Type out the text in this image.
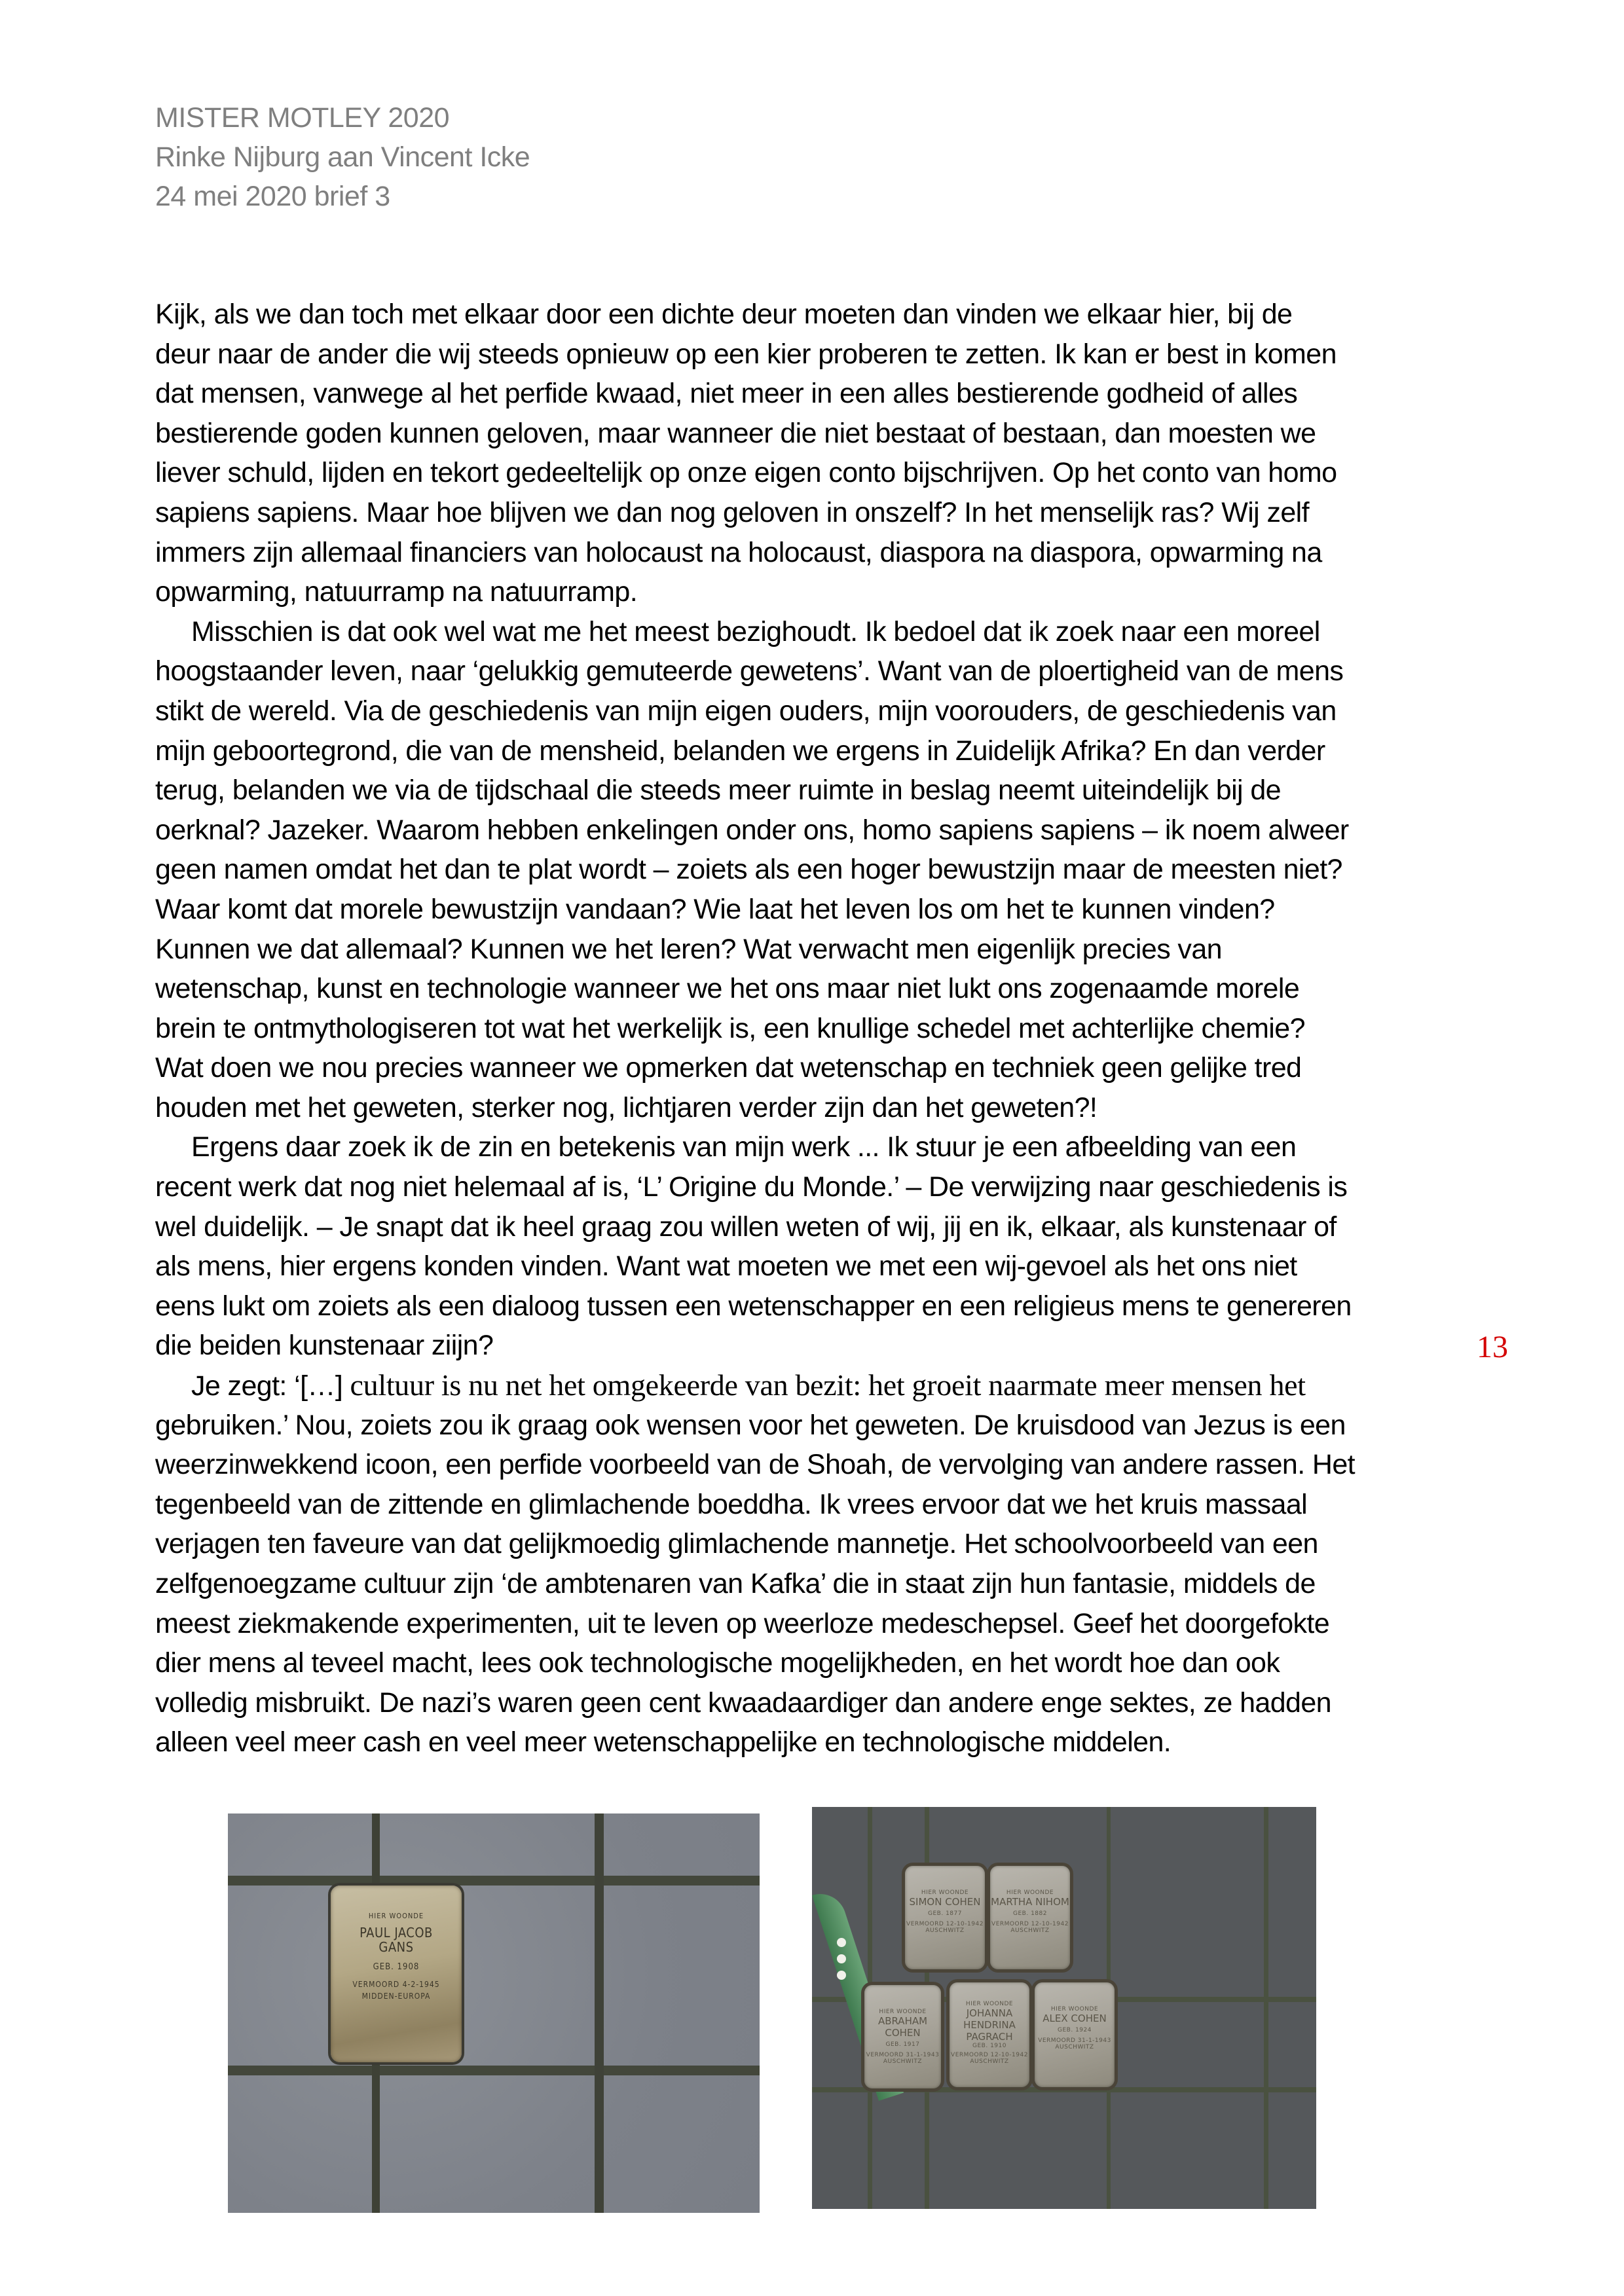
MISTER MOTLEY 2020
Rinke Nijburg aan Vincent Icke
24 mei 2020 brief 3
Kijk, als we dan toch met elkaar door een dichte deur moeten dan vinden we elkaar hier, bij de
deur naar de ander die wij steeds opnieuw op een kier proberen te zetten. Ik kan er best in komen
dat mensen, vanwege al het perfide kwaad, niet meer in een alles bestierende godheid of alles
bestierende goden kunnen geloven, maar wanneer die niet bestaat of bestaan, dan moesten we
liever schuld, lijden en tekort gedeeltelijk op onze eigen conto bijschrijven. Op het conto van homo
sapiens sapiens. Maar hoe blijven we dan nog geloven in onszelf? In het menselijk ras? Wij zelf
immers zijn allemaal financiers van holocaust na holocaust, diaspora na diaspora, opwarming na
opwarming, natuurramp na natuurramp.
Misschien is dat ook wel wat me het meest bezighoudt. Ik bedoel dat ik zoek naar een moreel
hoogstaander leven, naar ‘gelukkig gemuteerde gewetens’. Want van de ploertigheid van de mens
stikt de wereld. Via de geschiedenis van mijn eigen ouders, mijn voorouders, de geschiedenis van
mijn geboortegrond, die van de mensheid, belanden we ergens in Zuidelijk Afrika? En dan verder
terug, belanden we via de tijdschaal die steeds meer ruimte in beslag neemt uiteindelijk bij de
oerknal? Jazeker. Waarom hebben enkelingen onder ons, homo sapiens sapiens – ik noem alweer
geen namen omdat het dan te plat wordt – zoiets als een hoger bewustzijn maar de meesten niet?
Waar komt dat morele bewustzijn vandaan? Wie laat het leven los om het te kunnen vinden?
Kunnen we dat allemaal? Kunnen we het leren? Wat verwacht men eigenlijk precies van
wetenschap, kunst en technologie wanneer we het ons maar niet lukt ons zogenaamde morele
brein te ontmythologiseren tot wat het werkelijk is, een knullige schedel met achterlijke chemie?
Wat doen we nou precies wanneer we opmerken dat wetenschap en techniek geen gelijke tred
houden met het geweten, sterker nog, lichtjaren verder zijn dan het geweten?!
Ergens daar zoek ik de zin en betekenis van mijn werk ... Ik stuur je een afbeelding van een
recent werk dat nog niet helemaal af is, ‘L’ Origine du Monde.’ – De verwijzing naar geschiedenis is
wel duidelijk. – Je snapt dat ik heel graag zou willen weten of wij, jij en ik, elkaar, als kunstenaar of
als mens, hier ergens konden vinden. Want wat moeten we met een wij-gevoel als het ons niet
eens lukt om zoiets als een dialoog tussen een wetenschapper en een religieus mens te genereren
die beiden kunstenaar ziijn?
Je zegt: ‘[…] cultuur is nu net het omgekeerde van bezit: het groeit naarmate meer mensen het
gebruiken.’ Nou, zoiets zou ik graag ook wensen voor het geweten. De kruisdood van Jezus is een
weerzinwekkend icoon, een perfide voorbeeld van de Shoah, de vervolging van andere rassen. Het
tegenbeeld van de zittende en glimlachende boeddha. Ik vrees ervoor dat we het kruis massaal
verjagen ten faveure van dat gelijkmoedig glimlachende mannetje. Het schoolvoorbeeld van een
zelfgenoegzame cultuur zijn ‘de ambtenaren van Kafka’ die in staat zijn hun fantasie, middels de
meest ziekmakende experimenten, uit te leven op weerloze medeschepsel. Geef het doorgefokte
dier mens al teveel macht, lees ook technologische mogelijkheden, en het wordt hoe dan ook
volledig misbruikt. De nazi’s waren geen cent kwaadaardiger dan andere enge sektes, ze hadden
alleen veel meer cash en veel meer wetenschappelijke en technologische middelen.
13
HIER WOONDE
PAUL JACOB
GANS
GEB. 1908
VERMOORD 4-2-1945
MIDDEN-EUROPA
HIER WOONDE
SIMON COHEN
GEB. 1877
VERMOORD 12-10-1942
AUSCHWITZ
HIER WOONDE
MARTHA NIHOM
GEB. 1882
VERMOORD 12-10-1942
AUSCHWITZ
HIER WOONDE
ABRAHAM COHEN
GEB. 1917
VERMOORD 31-1-1943
AUSCHWITZ
HIER WOONDE
JOHANNA HENDRINA
PAGRACH
GEB. 1910
VERMOORD 12-10-1942
AUSCHWITZ
HIER WOONDE
ALEX COHEN
GEB. 1924
VERMOORD 31-1-1943
AUSCHWITZ
